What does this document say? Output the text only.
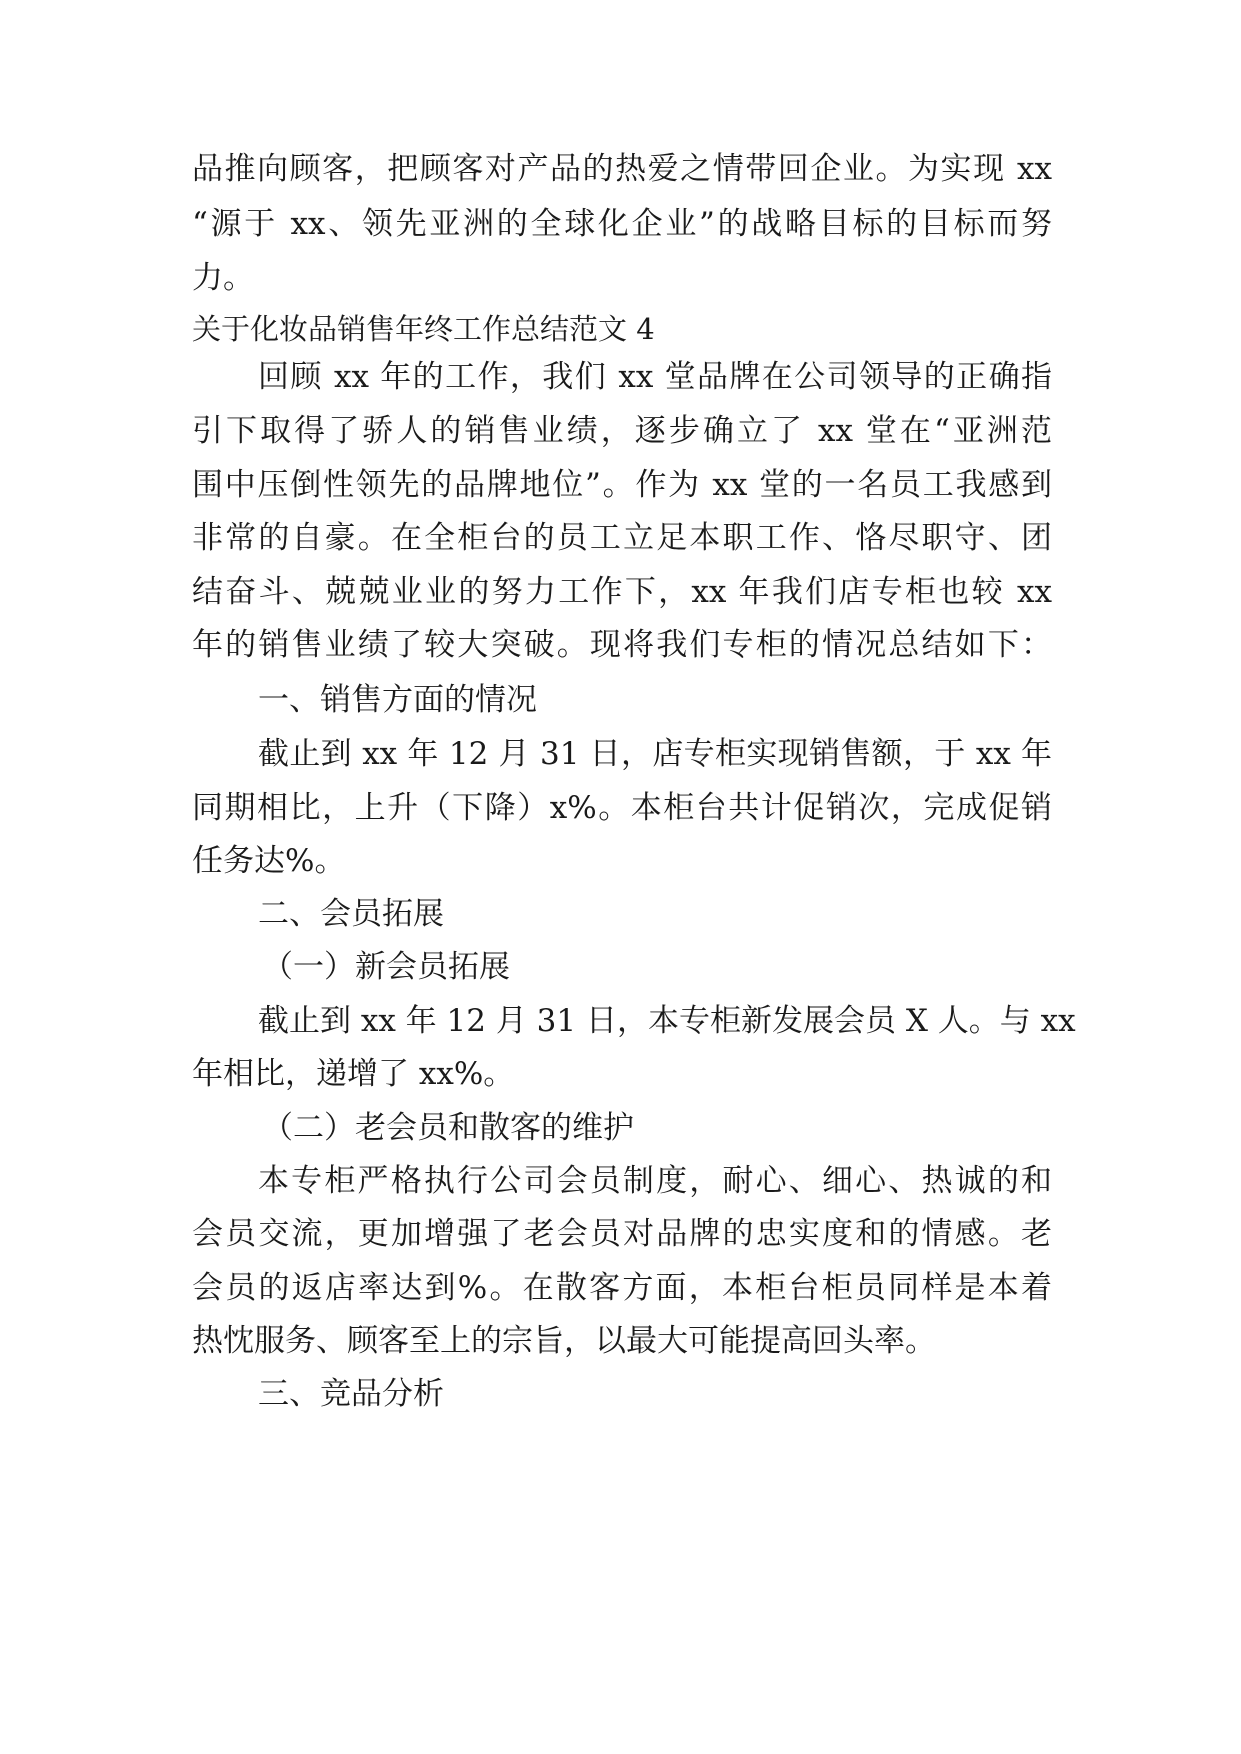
品推向顾客，把顾客对产品的热爱之情带回企业。为实现 xx
“源于 xx、领先亚洲的全球化企业”的战略目标的目标而努
力。
关于化妆品销售年终工作总结范文 4
回顾 xx 年的工作，我们 xx 堂品牌在公司领导的正确指
引下取得了骄人的销售业绩，逐步确立了 xx 堂在“亚洲范
围中压倒性领先的品牌地位”。作为 xx 堂的一名员工我感到
非常的自豪。在全柜台的员工立足本职工作、恪尽职守、团
结奋斗、兢兢业业的努力工作下，xx 年我们店专柜也较 xx
年的销售业绩了较大突破。现将我们专柜的情况总结如下：
一、销售方面的情况
截止到 xx 年 12 月 31 日，店专柜实现销售额，于 xx 年
同期相比，上升（下降）x%。本柜台共计促销次，完成促销
任务达%。
二、会员拓展
（一）新会员拓展
截止到 xx 年 12 月 31 日，本专柜新发展会员 X 人。与 xx
年相比，递增了 xx%。
（二）老会员和散客的维护
本专柜严格执行公司会员制度，耐心、细心、热诚的和
会员交流，更加增强了老会员对品牌的忠实度和的情感。老
会员的返店率达到%。在散客方面，本柜台柜员同样是本着
热忱服务、顾客至上的宗旨，以最大可能提高回头率。
三、竞品分析
